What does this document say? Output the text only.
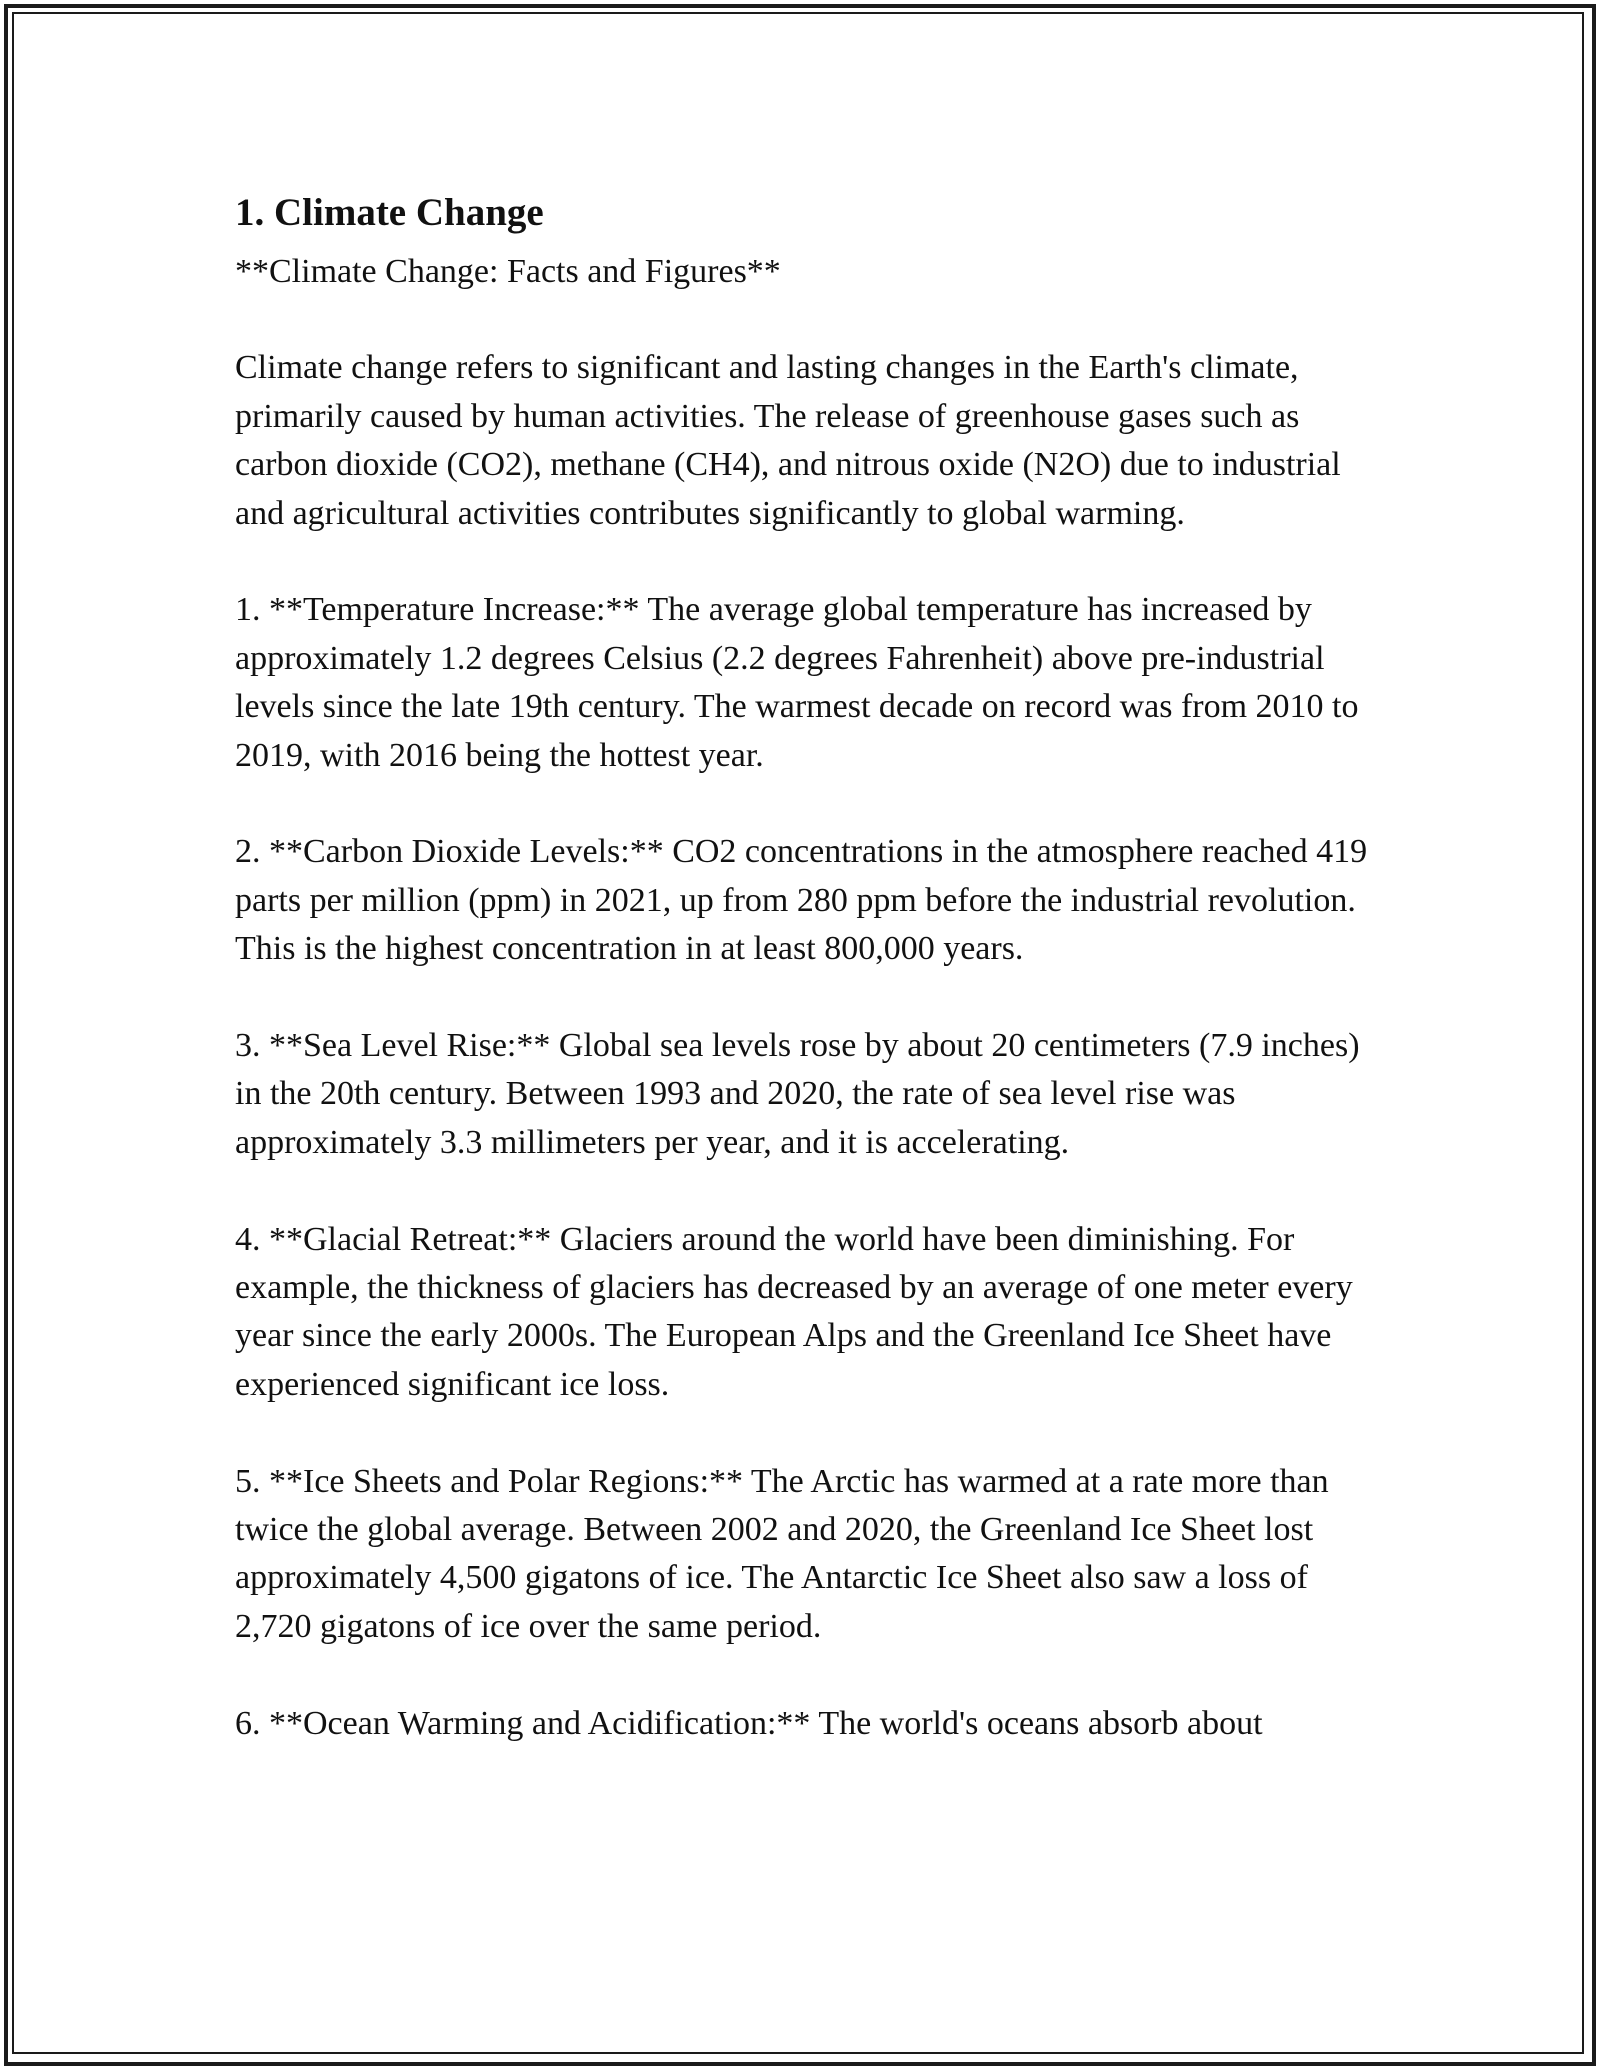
1. Climate Change

**Climate Change: Facts and Figures**

Climate change refers to significant and lasting changes in the Earth's climate, primarily caused by human activities. The release of greenhouse gases such as carbon dioxide (CO2), methane (CH4), and nitrous oxide (N2O) due to industrial and agricultural activities contributes significantly to global warming.

1. **Temperature Increase:** The average global temperature has increased by approximately 1.2 degrees Celsius (2.2 degrees Fahrenheit) above pre-industrial levels since the late 19th century. The warmest decade on record was from 2010 to 2019, with 2016 being the hottest year.

2. **Carbon Dioxide Levels:** CO2 concentrations in the atmosphere reached 419 parts per million (ppm) in 2021, up from 280 ppm before the industrial revolution. This is the highest concentration in at least 800,000 years.

3. **Sea Level Rise:** Global sea levels rose by about 20 centimeters (7.9 inches) in the 20th century. Between 1993 and 2020, the rate of sea level rise was approximately 3.3 millimeters per year, and it is accelerating.

4. **Glacial Retreat:** Glaciers around the world have been diminishing. For example, the thickness of glaciers has decreased by an average of one meter every year since the early 2000s. The European Alps and the Greenland Ice Sheet have experienced significant ice loss.

5. **Ice Sheets and Polar Regions:** The Arctic has warmed at a rate more than twice the global average. Between 2002 and 2020, the Greenland Ice Sheet lost approximately 4,500 gigatons of ice. The Antarctic Ice Sheet also saw a loss of 2,720 gigatons of ice over the same period.

6. **Ocean Warming and Acidification:** The world's oceans absorb about
